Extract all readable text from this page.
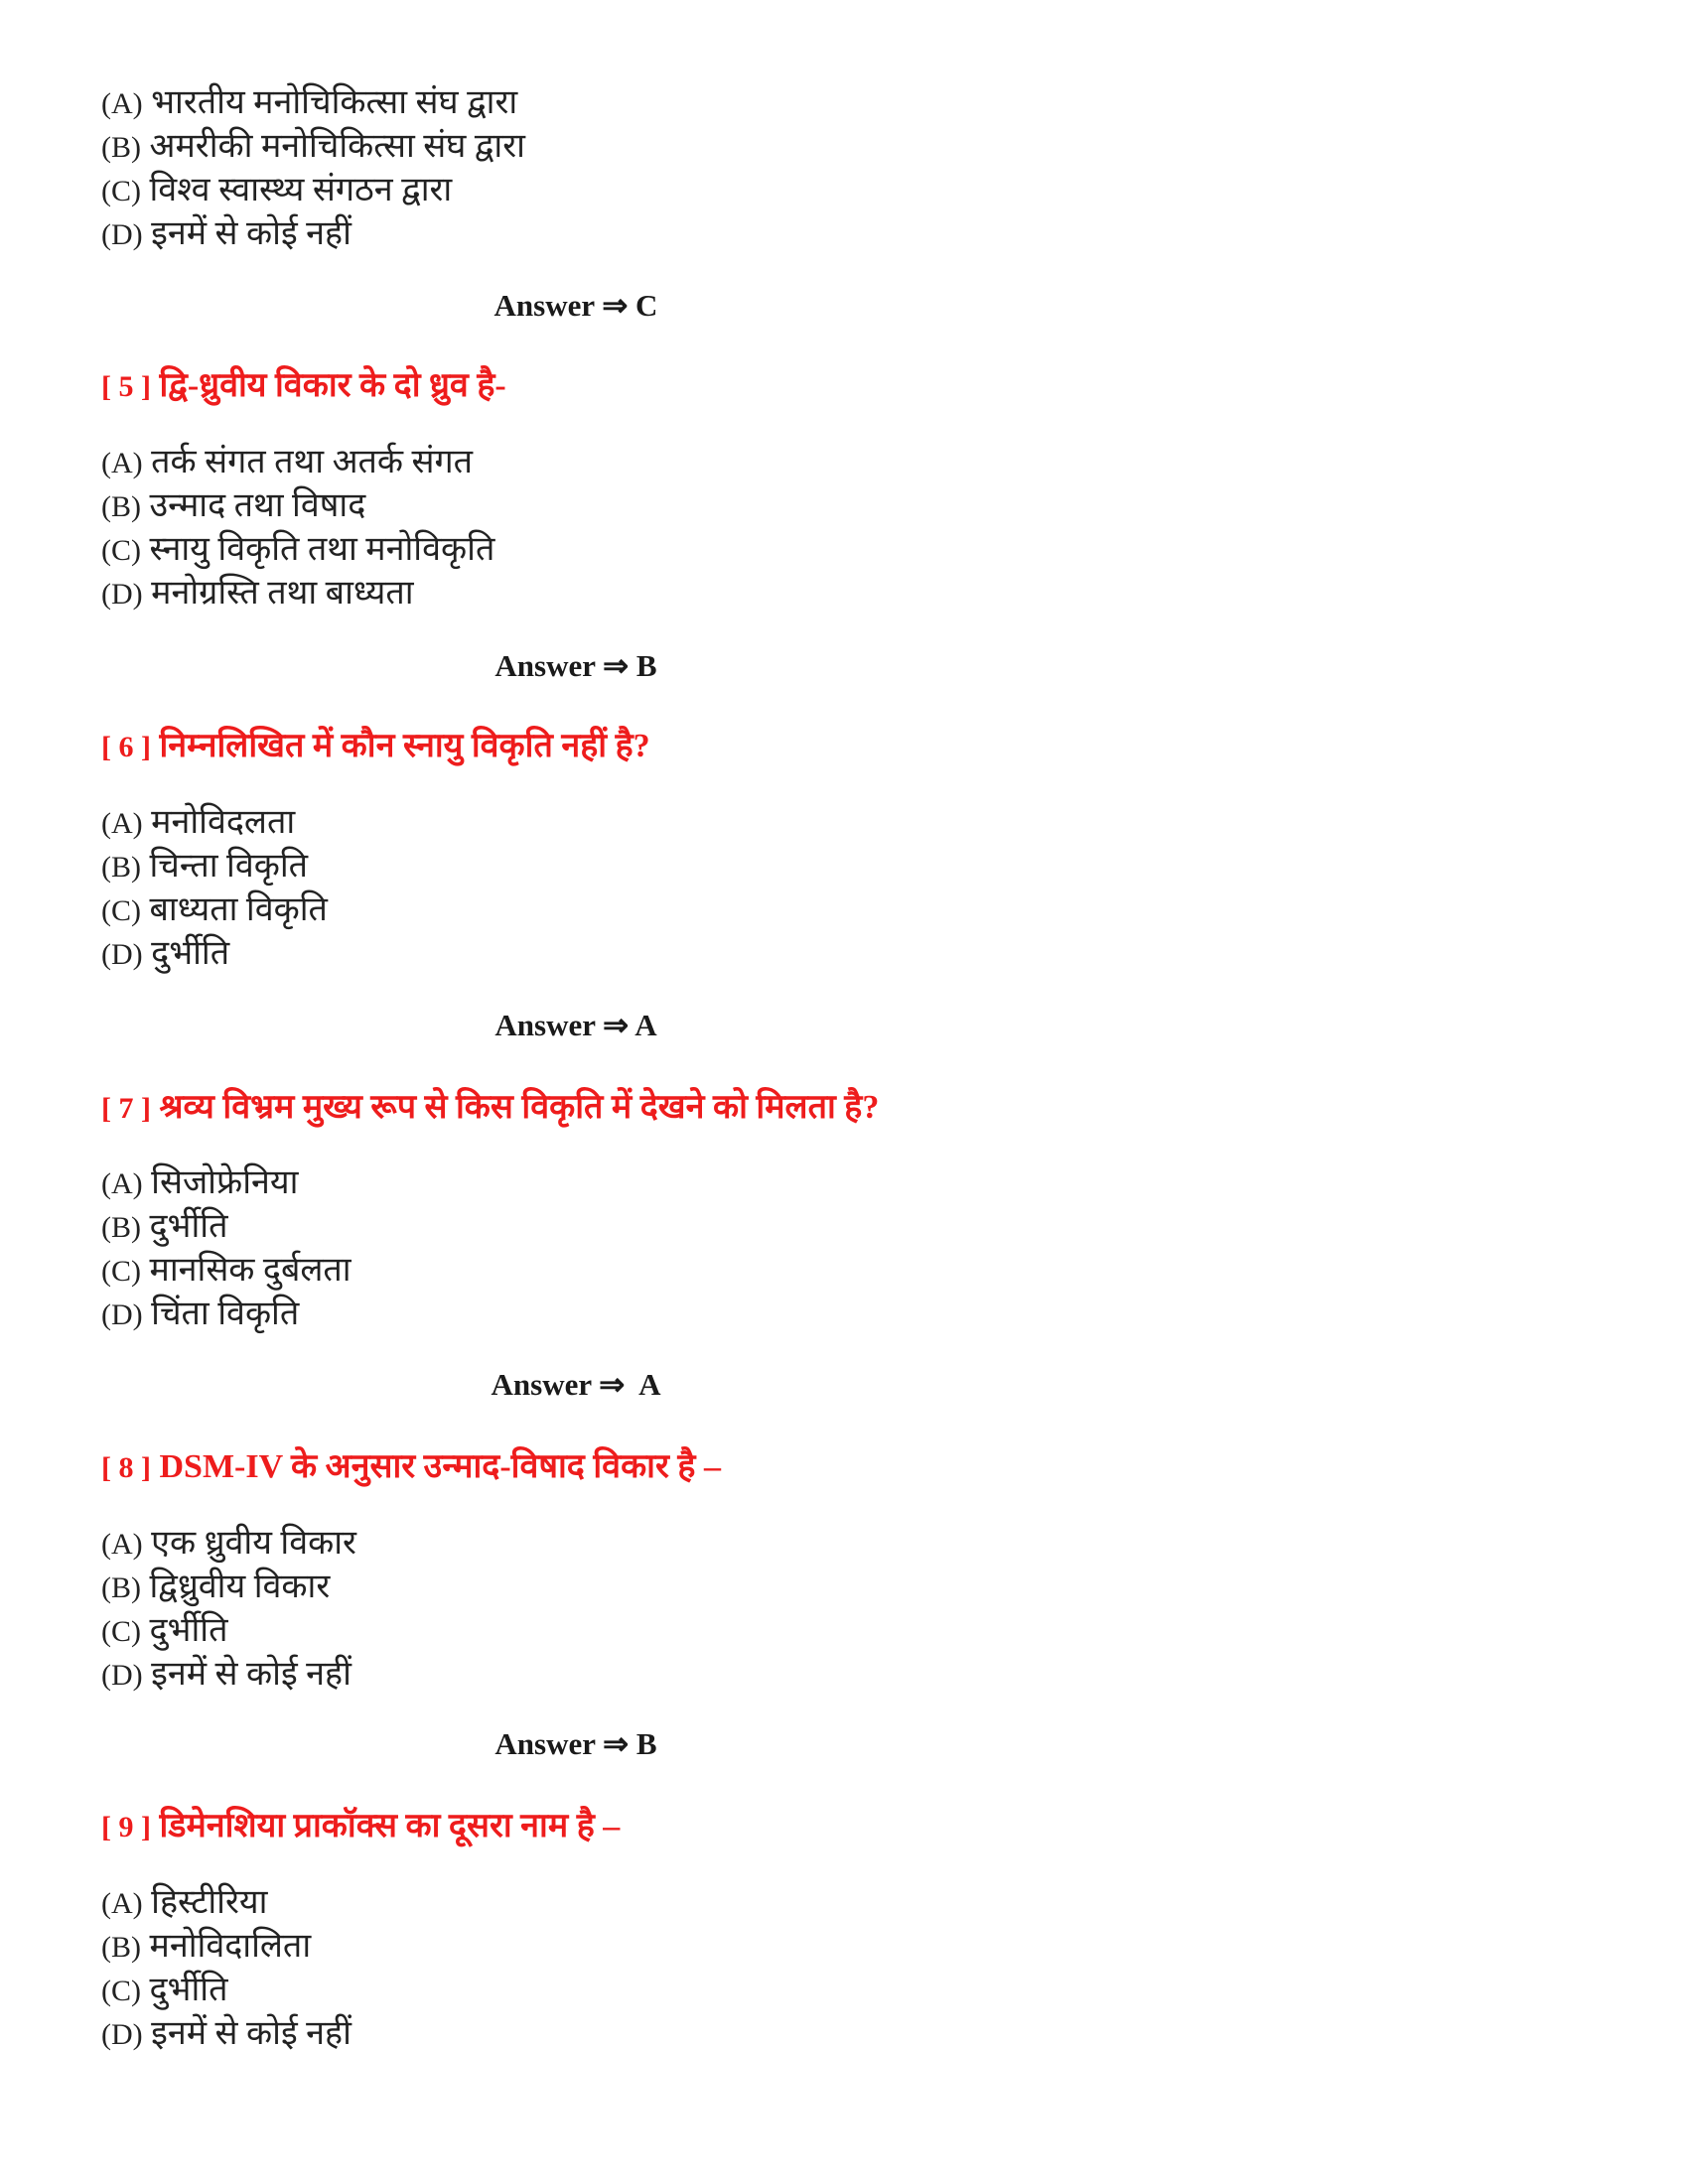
(A) भारतीय मनोचिकित्सा संघ द्वारा
(B) अमरीकी मनोचिकित्सा संघ द्वारा
(C) विश्व स्वास्थ्य संगठन द्वारा
(D) इनमें से कोई नहीं
Answer ⇒ C
[ 5 ] द्वि-ध्रुवीय विकार के दो ध्रुव है-
(A) तर्क संगत तथा अतर्क संगत
(B) उन्माद तथा विषाद
(C) स्नायु विकृति तथा मनोविकृति
(D) मनोग्रस्ति तथा बाध्यता
Answer ⇒ B
[ 6 ] निम्नलिखित में कौन स्नायु विकृति नहीं है?
(A) मनोविदलता
(B) चिन्ता विकृति
(C) बाध्यता विकृति
(D) दुर्भीति
Answer ⇒ A
[ 7 ] श्रव्य विभ्रम मुख्य रूप से किस विकृति में देखने को मिलता है?
(A) सिजोफ्रेनिया
(B) दुर्भीति
(C) मानसिक दुर्बलता
(D) चिंता विकृति
Answer ⇒  A
[ 8 ] DSM-IV के अनुसार उन्माद-विषाद विकार है –
(A) एक ध्रुवीय विकार
(B) द्विध्रुवीय विकार
(C) दुर्भीति
(D) इनमें से कोई नहीं
Answer ⇒ B
[ 9 ] डिमेनशिया प्राकॉक्स का दूसरा नाम है –
(A) हिस्टीरिया
(B) मनोविदालिता
(C) दुर्भीति
(D) इनमें से कोई नहीं
